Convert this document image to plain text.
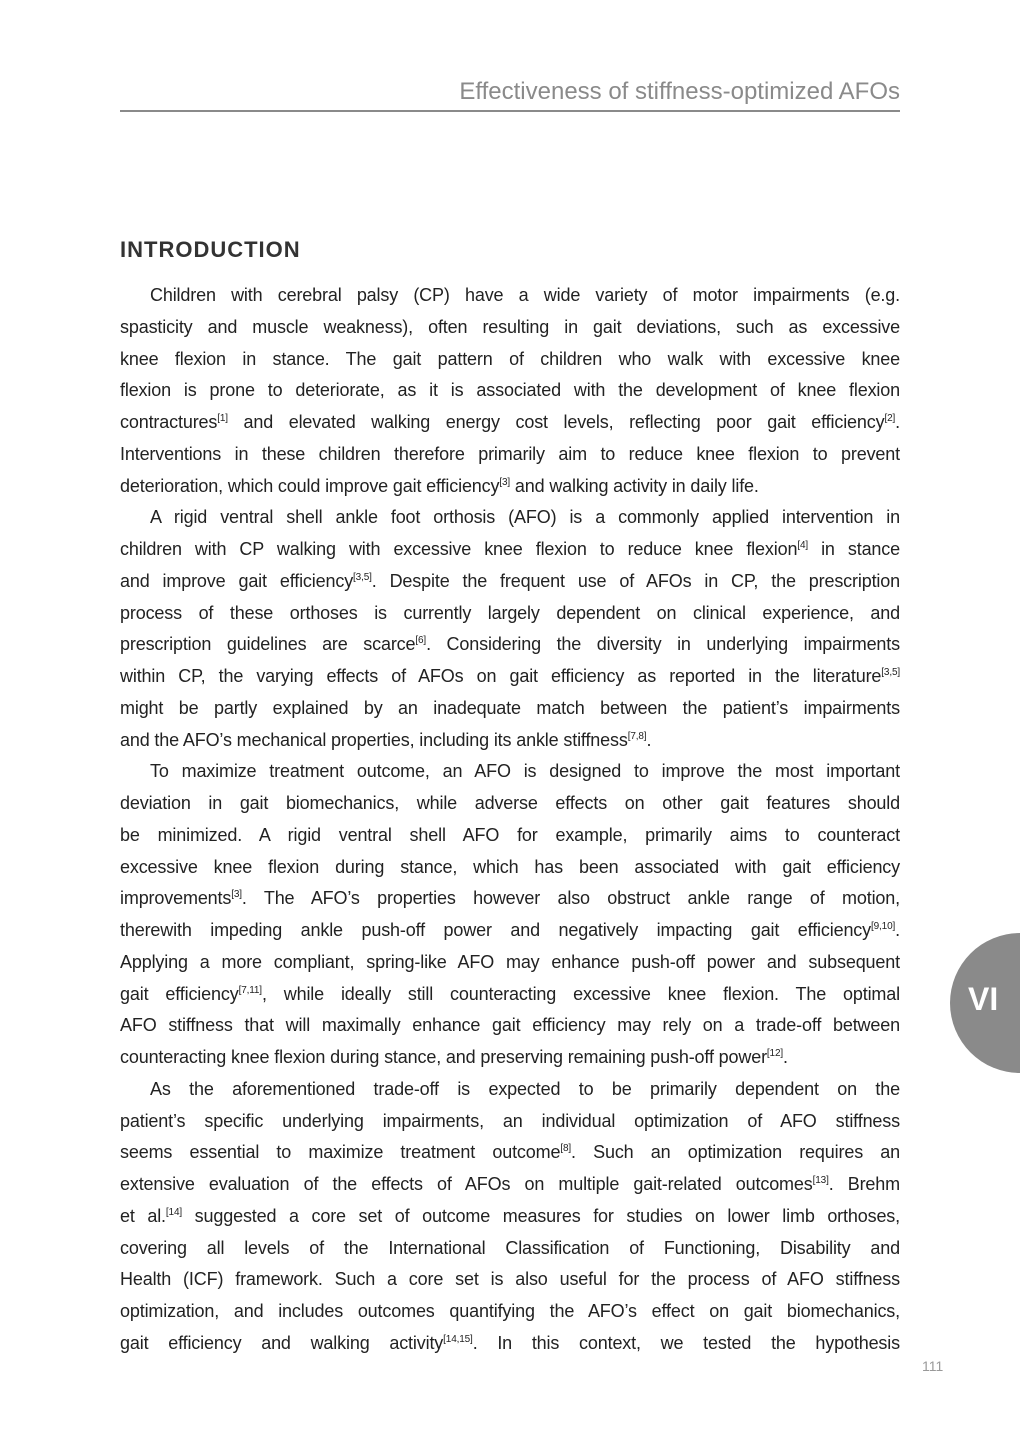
Effectiveness of stiffness-optimized AFOs
INTRODUCTION
Children with cerebral palsy (CP) have a wide variety of motor impairments (e.g.
spasticity and muscle weakness), often resulting in gait deviations, such as excessive
knee flexion in stance. The gait pattern of children who walk with excessive knee
flexion is prone to deteriorate, as it is associated with the development of knee flexion
contractures[1] and elevated walking energy cost levels, reflecting poor gait efficiency[2].
Interventions in these children therefore primarily aim to reduce knee flexion to prevent
deterioration, which could improve gait efficiency[3] and walking activity in daily life.
A rigid ventral shell ankle foot orthosis (AFO) is a commonly applied intervention in
children with CP walking with excessive knee flexion to reduce knee flexion[4] in stance
and improve gait efficiency[3,5]. Despite the frequent use of AFOs in CP, the prescription
process of these orthoses is currently largely dependent on clinical experience, and
prescription guidelines are scarce[6]. Considering the diversity in underlying impairments
within CP, the varying effects of AFOs on gait efficiency as reported in the literature[3,5]
might be partly explained by an inadequate match between the patient’s impairments
and the AFO’s mechanical properties, including its ankle stiffness[7,8].
To maximize treatment outcome, an AFO is designed to improve the most important
deviation in gait biomechanics, while adverse effects on other gait features should
be minimized. A rigid ventral shell AFO for example, primarily aims to counteract
excessive knee flexion during stance, which has been associated with gait efficiency
improvements[3]. The AFO’s properties however also obstruct ankle range of motion,
therewith impeding ankle push-off power and negatively impacting gait efficiency[9,10].
Applying a more compliant, spring-like AFO may enhance push-off power and subsequent
gait efficiency[7,11], while ideally still counteracting excessive knee flexion. The optimal
AFO stiffness that will maximally enhance gait efficiency may rely on a trade-off between
counteracting knee flexion during stance, and preserving remaining push-off power[12].
As the aforementioned trade-off is expected to be primarily dependent on the
patient’s specific underlying impairments, an individual optimization of AFO stiffness
seems essential to maximize treatment outcome[8]. Such an optimization requires an
extensive evaluation of the effects of AFOs on multiple gait-related outcomes[13]. Brehm
et al.[14] suggested a core set of outcome measures for studies on lower limb orthoses,
covering all levels of the International Classification of Functioning, Disability and
Health (ICF) framework. Such a core set is also useful for the process of AFO stiffness
optimization, and includes outcomes quantifying the AFO’s effect on gait biomechanics,
gait efficiency and walking activity[14,15]. In this context, we tested the hypothesis
VI
111
